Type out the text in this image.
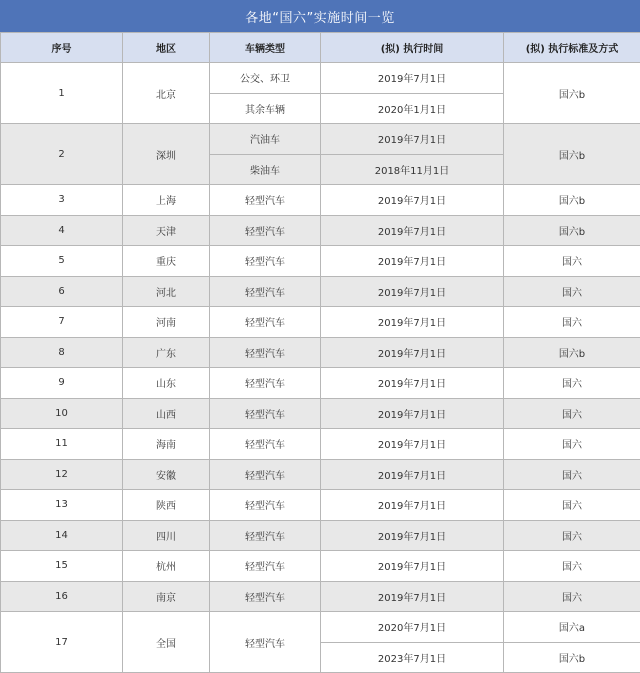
各地“国六”实施时间一览
序号	地区	车辆类型	(拟) 执行时间	(拟) 执行标准及方式
1	北京	公交、环卫	2019年7月1日	国六b
		其余车辆	2020年1月1日	
2	深圳	汽油车	2019年7月1日	国六b
		柴油车	2018年11月1日	
3	上海	轻型汽车	2019年7月1日	国六b
4	天津	轻型汽车	2019年7月1日	国六b
5	重庆	轻型汽车	2019年7月1日	国六
6	河北	轻型汽车	2019年7月1日	国六
7	河南	轻型汽车	2019年7月1日	国六
8	广东	轻型汽车	2019年7月1日	国六b
9	山东	轻型汽车	2019年7月1日	国六
10	山西	轻型汽车	2019年7月1日	国六
11	海南	轻型汽车	2019年7月1日	国六
12	安徽	轻型汽车	2019年7月1日	国六
13	陕西	轻型汽车	2019年7月1日	国六
14	四川	轻型汽车	2019年7月1日	国六
15	杭州	轻型汽车	2019年7月1日	国六
16	南京	轻型汽车	2019年7月1日	国六
17	全国	轻型汽车	2020年7月1日	国六a
			2023年7月1日	国六b
